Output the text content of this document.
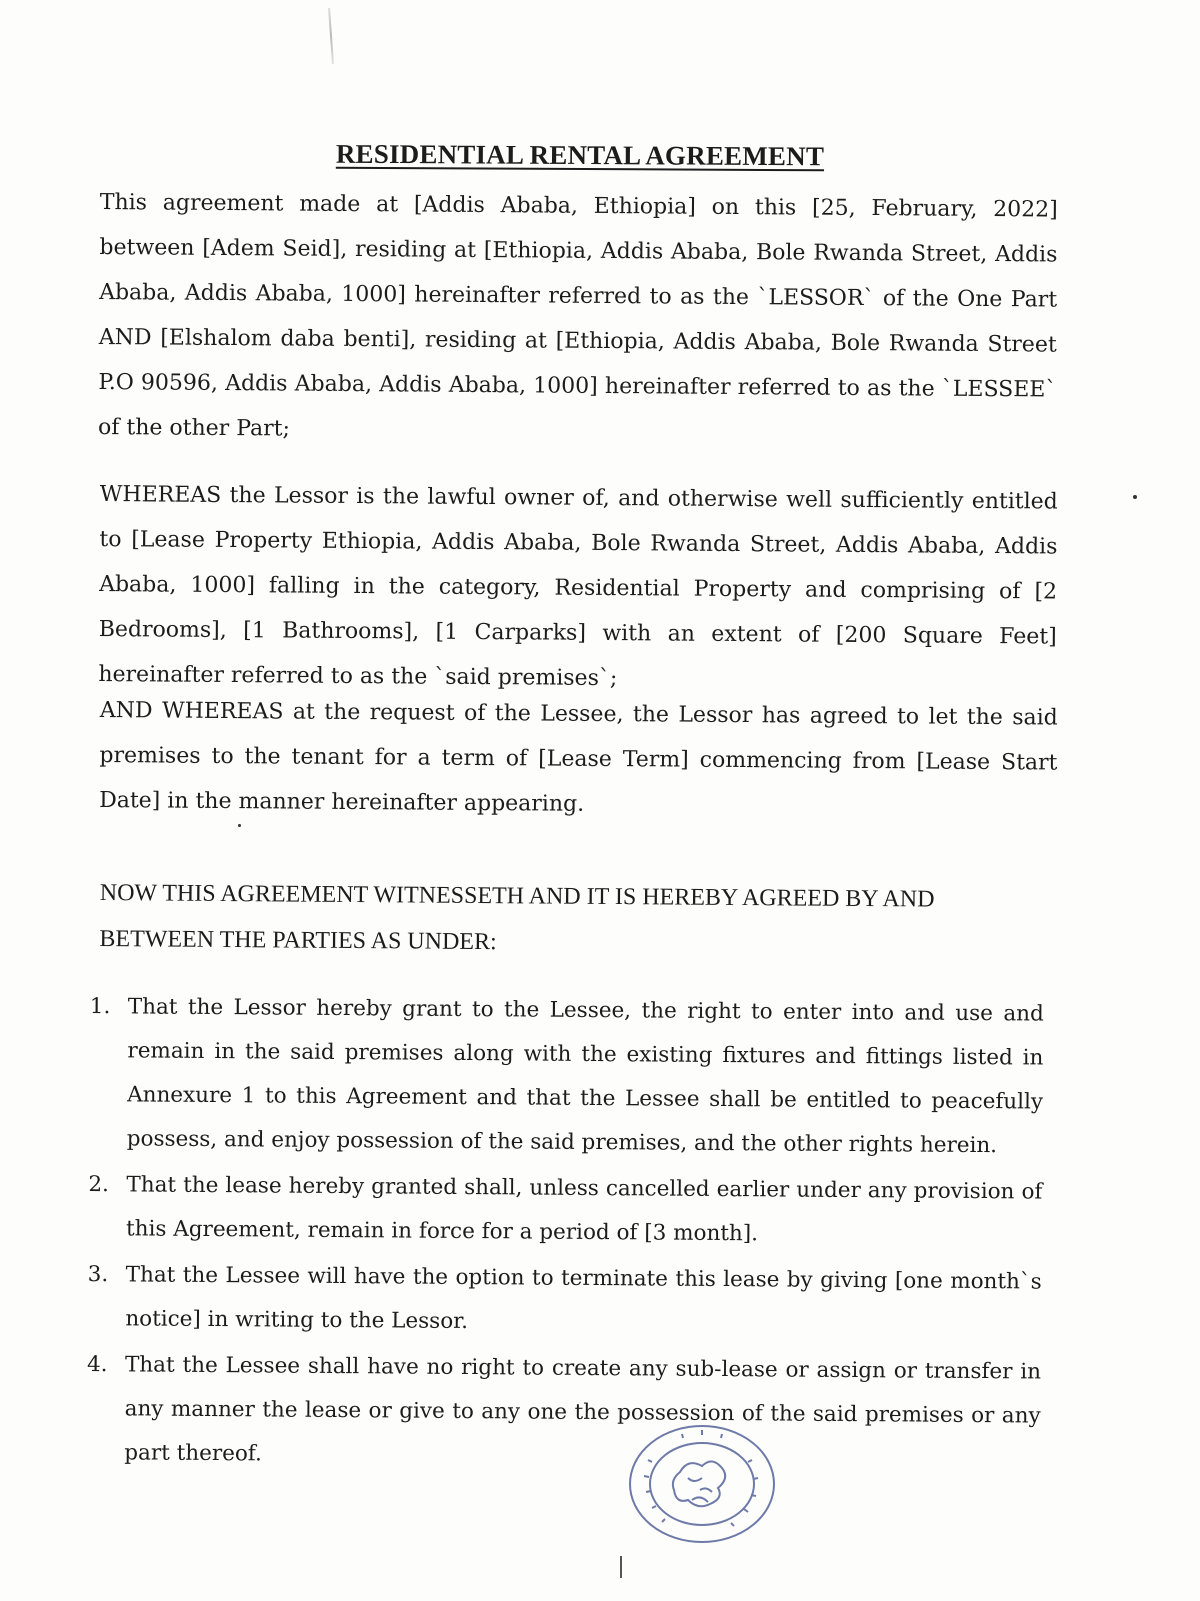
RESIDENTIAL RENTAL AGREEMENT

This agreement made at [Addis Ababa, Ethiopia] on this [25, February, 2022] between [Adem Seid], residing at [Ethiopia, Addis Ababa, Bole Rwanda Street, Addis Ababa, Addis Ababa, 1000] hereinafter referred to as the `LESSOR` of the One Part AND [Elshalom daba benti], residing at [Ethiopia, Addis Ababa, Bole Rwanda Street P.O 90596, Addis Ababa, Addis Ababa, 1000] hereinafter referred to as the `LESSEE` of the other Part;

WHEREAS the Lessor is the lawful owner of, and otherwise well sufficiently entitled to [Lease Property Ethiopia, Addis Ababa, Bole Rwanda Street, Addis Ababa, Addis Ababa, 1000] falling in the category, Residential Property and comprising of [2 Bedrooms], [1 Bathrooms], [1 Carparks] with an extent of [200 Square Feet] hereinafter referred to as the `said premises`;

AND WHEREAS at the request of the Lessee, the Lessor has agreed to let the said premises to the tenant for a term of [Lease Term] commencing from [Lease Start Date] in the manner hereinafter appearing.

NOW THIS AGREEMENT WITNESSETH AND IT IS HEREBY AGREED BY AND BETWEEN THE PARTIES AS UNDER:

1. That the Lessor hereby grant to the Lessee, the right to enter into and use and remain in the said premises along with the existing fixtures and fittings listed in Annexure 1 to this Agreement and that the Lessee shall be entitled to peacefully possess, and enjoy possession of the said premises, and the other rights herein.
2. That the lease hereby granted shall, unless cancelled earlier under any provision of this Agreement, remain in force for a period of [3 month].
3. That the Lessee will have the option to terminate this lease by giving [one month`s notice] in writing to the Lessor.
4. That the Lessee shall have no right to create any sub-lease or assign or transfer in any manner the lease or give to any one the possession of the said premises or any part thereof.
